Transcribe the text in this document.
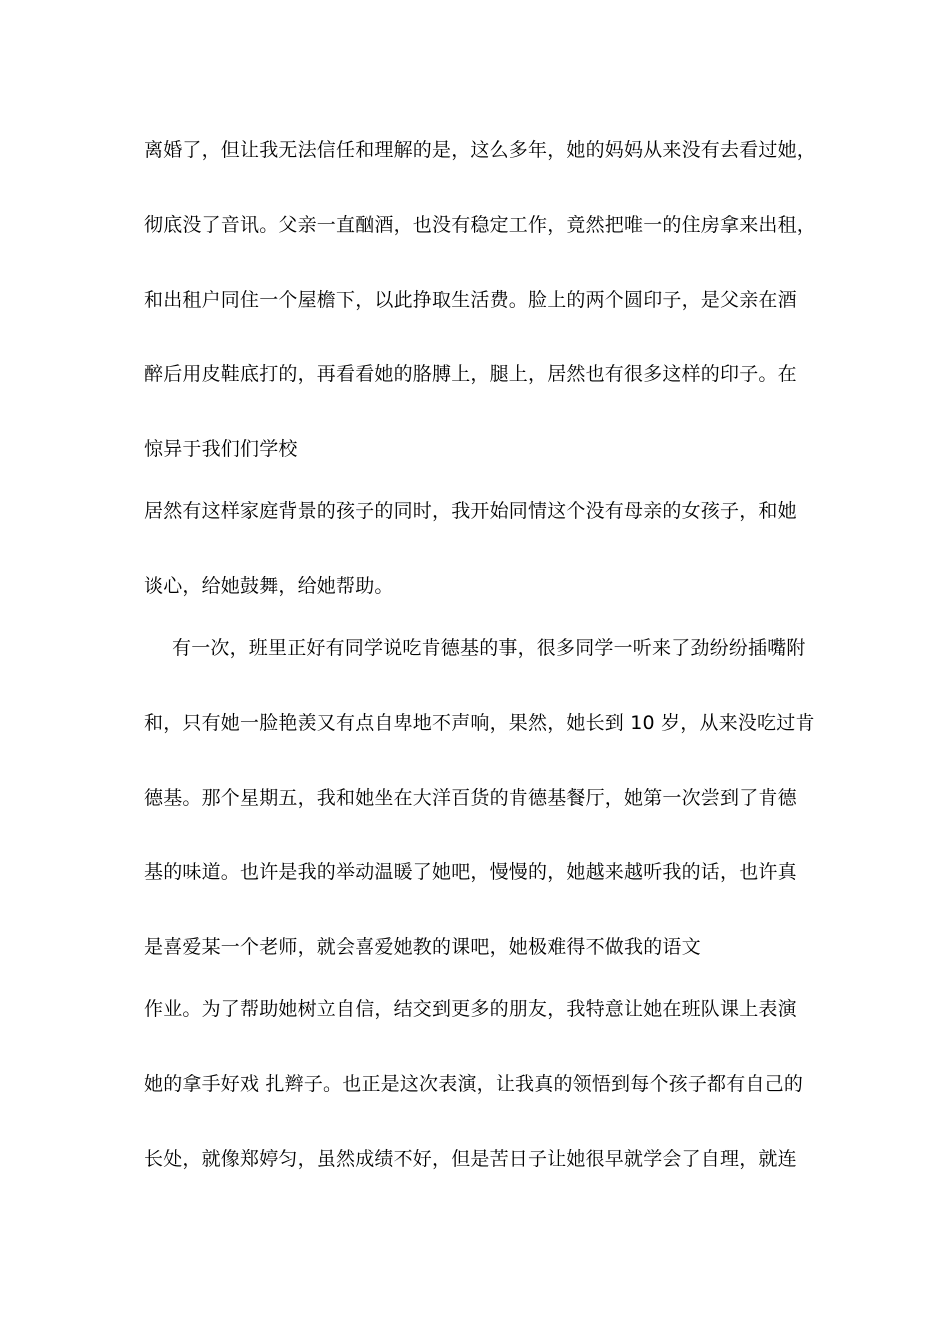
离婚了，但让我无法信任和理解的是，这么多年，她的妈妈从来没有去看过她，
彻底没了音讯。父亲一直酗酒，也没有稳定工作，竟然把唯一的住房拿来出租，
和出租户同住一个屋檐下，以此挣取生活费。脸上的两个圆印子，是父亲在酒
醉后用皮鞋底打的，再看看她的胳膊上，腿上，居然也有很多这样的印子。在
惊异于我们们学校
居然有这样家庭背景的孩子的同时，我开始同情这个没有母亲的女孩子，和她
谈心，给她鼓舞，给她帮助。
有一次，班里正好有同学说吃肯德基的事，很多同学一听来了劲纷纷插嘴附
和，只有她一脸艳羡又有点自卑地不声响，果然，她长到 10 岁，从来没吃过肯
德基。那个星期五，我和她坐在大洋百货的肯德基餐厅，她第一次尝到了肯德
基的味道。也许是我的举动温暖了她吧，慢慢的，她越来越听我的话，也许真
是喜爱某一个老师，就会喜爱她教的课吧，她极难得不做我的语文
作业。为了帮助她树立自信，结交到更多的朋友，我特意让她在班队课上表演
她的拿手好戏 扎辫子。也正是这次表演，让我真的领悟到每个孩子都有自己的
长处，就像郑婷匀，虽然成绩不好，但是苦日子让她很早就学会了自理，就连
